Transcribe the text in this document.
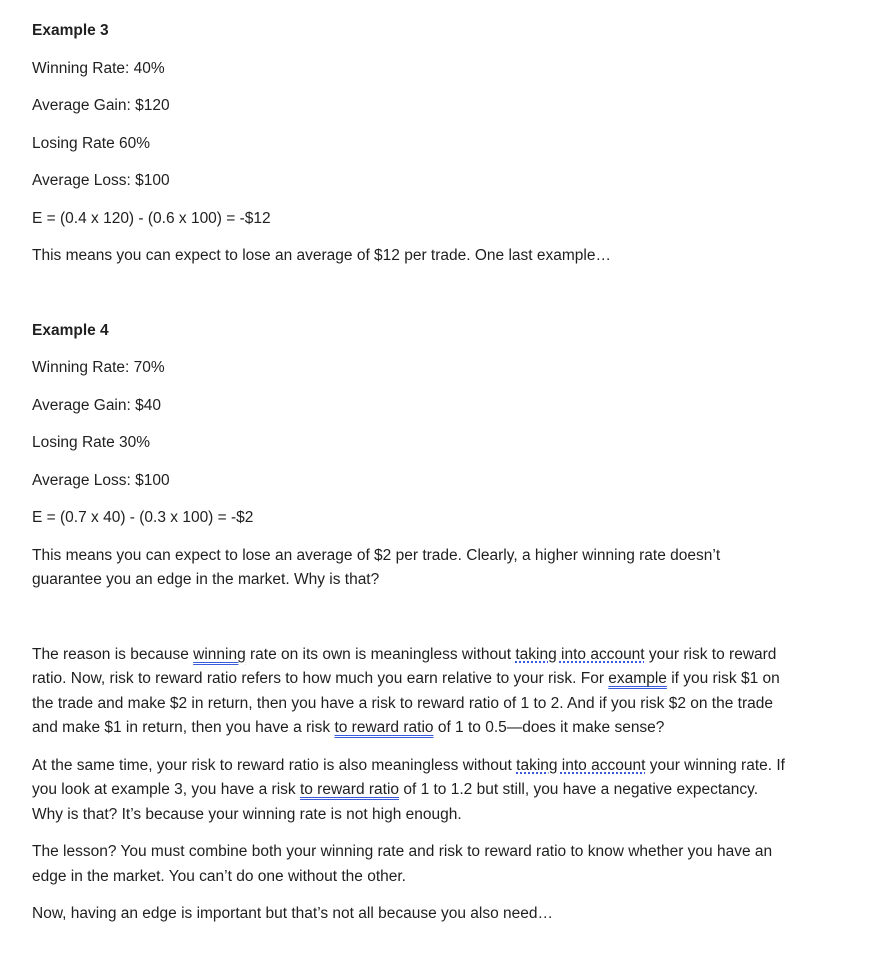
Example 3

Winning Rate: 40%

Average Gain: $120

Losing Rate 60%

Average Loss: $100

E = (0.4 x 120) - (0.6 x 100) = -$12

This means you can expect to lose an average of $12 per trade. One last example…

Example 4

Winning Rate: 70%

Average Gain: $40

Losing Rate 30%

Average Loss: $100

E = (0.7 x 40) - (0.3 x 100) = -$2

This means you can expect to lose an average of $2 per trade. Clearly, a higher winning rate doesn’t guarantee you an edge in the market. Why is that?

The reason is because winning rate on its own is meaningless without taking into account your risk to reward ratio. Now, risk to reward ratio refers to how much you earn relative to your risk. For example if you risk $1 on the trade and make $2 in return, then you have a risk to reward ratio of 1 to 2. And if you risk $2 on the trade and make $1 in return, then you have a risk to reward ratio of 1 to 0.5—does it make sense?

At the same time, your risk to reward ratio is also meaningless without taking into account your winning rate. If you look at example 3, you have a risk to reward ratio of 1 to 1.2 but still, you have a negative expectancy. Why is that? It’s because your winning rate is not high enough.

The lesson? You must combine both your winning rate and risk to reward ratio to know whether you have an edge in the market. You can’t do one without the other.

Now, having an edge is important but that’s not all because you also need…
